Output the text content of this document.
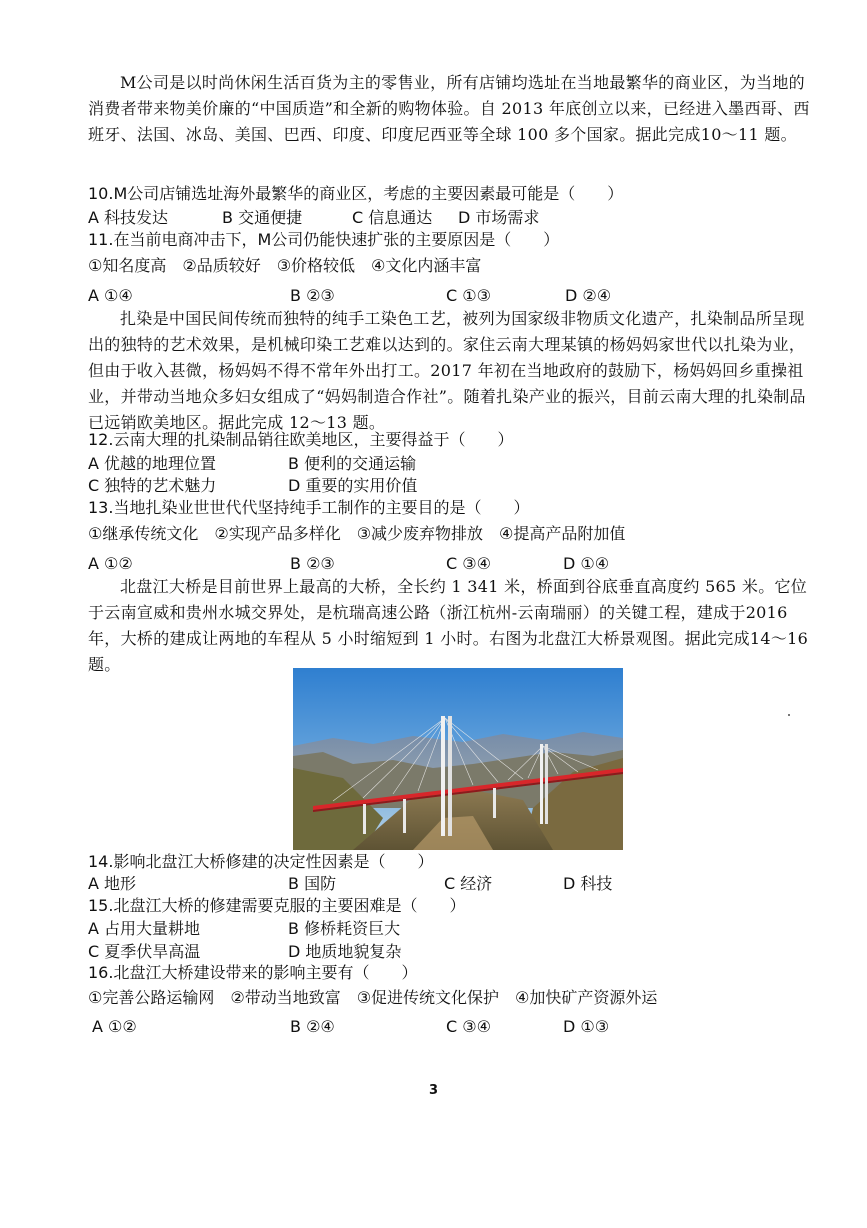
M公司是以时尚休闲生活百货为主的零售业，所有店铺均选址在当地最繁华的商业区，为当地的消费者带来物美价廉的“中国质造”和全新的购物体验。自 2013 年底创立以来，已经进入墨西哥、西班牙、法国、冰岛、美国、巴西、印度、印度尼西亚等全球 100 多个国家。据此完成10～11 题。

10.M公司店铺选址海外最繁华的商业区，考虑的主要因素最可能是（　　）

A 科技发达	B 交通便捷	C 信息通达 D 市场需求

11.在当前电商冲击下，M公司仍能快速扩张的主要原因是（　　）

①知名度高　②品质较好　③价格较低　④文化内涵丰富

A ①④	B ②③	C ①③	D ②④

扎染是中国民间传统而独特的纯手工染色工艺，被列为国家级非物质文化遗产，扎染制品所呈现出的独特的艺术效果，是机械印染工艺难以达到的。家住云南大理某镇的杨妈妈家世代以扎染为业，但由于收入甚微，杨妈妈不得不常年外出打工。2017 年初在当地政府的鼓励下，杨妈妈回乡重操祖业，并带动当地众多妇女组成了“妈妈制造合作社”。随着扎染产业的振兴，目前云南大理的扎染制品已远销欧美地区。据此完成 12～13 题。

12.云南大理的扎染制品销往欧美地区，主要得益于（　　）

A 优越的地理位置	B 便利的交通运输
C 独特的艺术魅力	D 重要的实用价值

13.当地扎染业世世代代坚持纯手工制作的主要目的是（　　）

①继承传统文化　②实现产品多样化　③减少废弃物排放　④提高产品附加值

A ①②	B ②③	C ③④	D ①④

北盘江大桥是目前世界上最高的大桥，全长约 1 341 米，桥面到谷底垂直高度约 565 米。它位于云南宣威和贵州水城交界处，是杭瑞高速公路（浙江杭州-云南瑞丽）的关键工程，建成于2016 年，大桥的建成让两地的车程从 5 小时缩短到 1 小时。右图为北盘江大桥景观图。据此完成14～16 题。

14.影响北盘江大桥修建的决定性因素是（　　）

A 地形	B 国防	C 经济	D 科技

15.北盘江大桥的修建需要克服的主要困难是（　　）

A 占用大量耕地	B 修桥耗资巨大
C 夏季伏旱高温	D 地质地貌复杂

16.北盘江大桥建设带来的影响主要有（　　）

①完善公路运输网　②带动当地致富　③促进传统文化保护　④加快矿产资源外运

A ①②	B ②④	C ③④	D ①③
3
